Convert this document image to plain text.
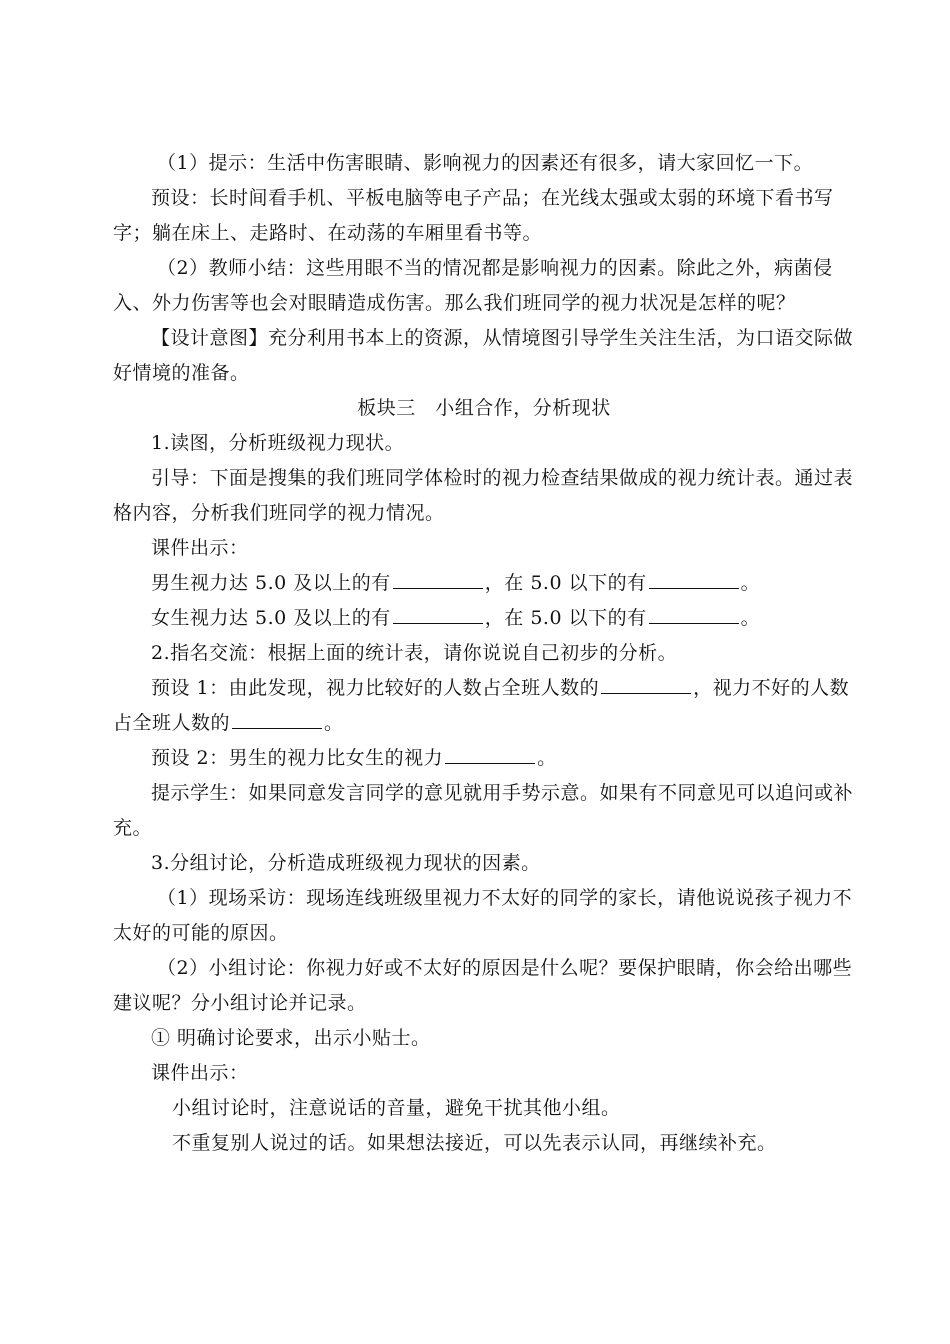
（1）提示：生活中伤害眼睛、影响视力的因素还有很多，请大家回忆一下。

预设：长时间看手机、平板电脑等电子产品；在光线太强或太弱的环境下看书写字；躺在床上、走路时、在动荡的车厢里看书等。

（2）教师小结：这些用眼不当的情况都是影响视力的因素。除此之外，病菌侵入、外力伤害等也会对眼睛造成伤害。那么我们班同学的视力状况是怎样的呢？

【设计意图】充分利用书本上的资源，从情境图引导学生关注生活，为口语交际做好情境的准备。

板块三　小组合作，分析现状

1.读图，分析班级视力现状。

引导：下面是搜集的我们班同学体检时的视力检查结果做成的视力统计表。通过表格内容，分析我们班同学的视力情况。

课件出示：

男生视力达 5.0 及以上的有	，在 5.0 以下的有	。

女生视力达 5.0 及以上的有	，在 5.0 以下的有	。

2.指名交流：根据上面的统计表，请你说说自己初步的分析。

预设 1：由此发现，视力比较好的人数占全班人数的	，视力不好的人数占全班人数的	。

预设 2：男生的视力比女生的视力	。

提示学生：如果同意发言同学的意见就用手势示意。如果有不同意见可以追问或补充。

3.分组讨论，分析造成班级视力现状的因素。

（1）现场采访：现场连线班级里视力不太好的同学的家长，请他说说孩子视力不太好的可能的原因。

（2）小组讨论：你视力好或不太好的原因是什么呢？要保护眼睛，你会给出哪些建议呢？分小组讨论并记录。

① 明确讨论要求，出示小贴士。

课件出示：

小组讨论时，注意说话的音量，避免干扰其他小组。

不重复别人说过的话。如果想法接近，可以先表示认同，再继续补充。
